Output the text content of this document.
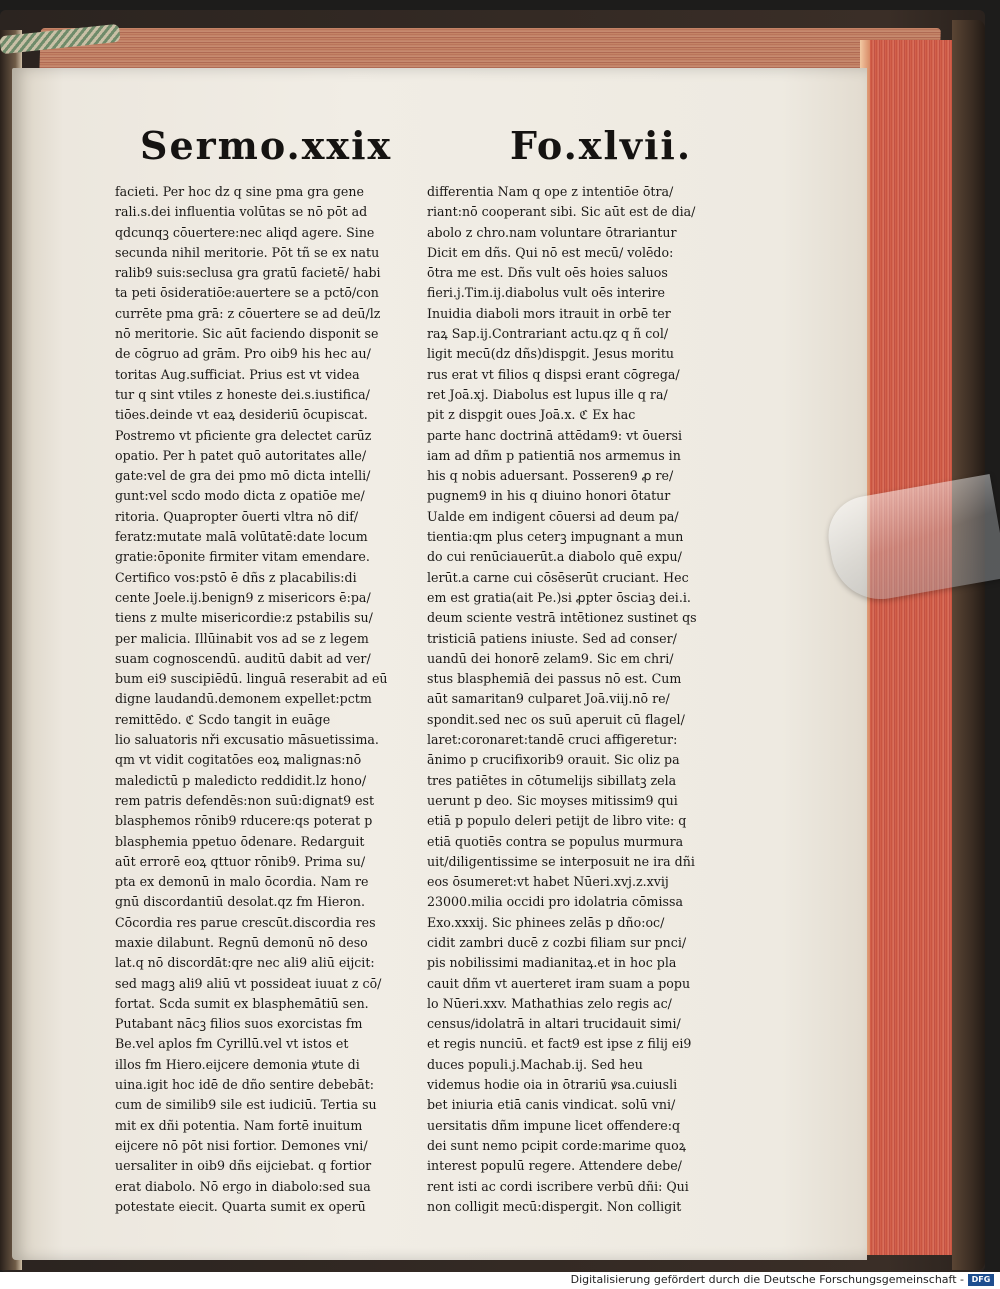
Sermo.xxix	Fo.xlvii.
facieti. Per hoc dz q sine pma gra gene
rali.s.dei influentia volūtas se nō pōt ad
qdcunqꝫ cōuertere:nec aliqd agere. Sine
secunda nihil meritorie. Pōt tñ se ex natu
ralib9 suis:seclusa gra gratū facietē/ habi
ta peti ōsideratiōe:auertere se a pctō/con
currēte pma grā: z cōuertere se ad deū/lz
nō meritorie. Sic aūt faciendo disponit se
de cōgruo ad grām. Pro oib9 his hec au/
toritas Aug.sufficiat. Prius est vt videa
tur q sint vtiles z honeste dei.s.iustifica/
tiōes.deinde vt eaꝝ desideriū ōcupiscat.
Postremo vt pficiente gra delectet carūz
opatio. Per h patet quō autoritates alle/
gate:vel de gra dei pmo mō dicta intelli/
gunt:vel scdo modo dicta z opatiōe me/
ritoria. Quapropter ōuerti vltra nō dif/
feratz:mutate malā volūtatē:date locum
gratie:ōponite firmiter vitam emendare.
Certifico vos:pstō ē dñs z placabilis:di
cente Joele.ij.benign9 z misericors ē:pa/
tiens z multe misericordie:z pstabilis su/
per malicia. Illūinabit vos ad se z legem
suam cognoscendū. auditū dabit ad ver/
bum ei9 suscipiēdū. linguā reserabit ad eū
digne laudandū.demonem expellet:pctm
remittēdo. ℭ Scdo tangit in euāge
lio saluatoris nři excusatio māsuetissima.
qm vt vidit cogitatōes eoꝝ malignas:nō
maledictū p maledicto reddidit.lz hono/
rem patris defendēs:non suū:dignat9 est
blasphemos rōnib9 rducere:qs poterat p
blasphemia ppetuo ōdenare. Redarguit
aūt errorē eoꝝ qttuor rōnib9. Prima su/
pta ex demonū in malo ōcordia. Nam re
gnū discordantiū desolat.qz fm Hieron.
Cōcordia res parue crescūt.discordia res
maxie dilabunt. Regnū demonū nō deso
lat.q nō discordāt:qre nec ali9 aliū eijcit:
sed magꝫ ali9 aliū vt possideat iuuat z cō/
fortat. Scda sumit ex blasphemātiū sen.
Putabant nācꝫ filios suos exorcistas fm
Be.vel aplos fm Cyrillū.vel vt istos et
illos fm Hiero.eijcere demonia ꝟtute di
uina.igit hoc idē de dño sentire debebāt:
cum de similib9 sile est iudiciū. Tertia su
mit ex dñi potentia. Nam fortē inuitum
eijcere nō pōt nisi fortior. Demones vni/
uersaliter in oib9 dñs eijciebat. q fortior
erat diabolo. Nō ergo in diabolo:sed sua
potestate eiecit. Quarta sumit ex operū
differentia Nam q ope z intentiōe ōtra/
riant:nō cooperant sibi. Sic aūt est de dia/
abolo z chro.nam voluntare ōtrariantur
Dicit em dñs. Qui nō est mecū/ volēdo:
ōtra me est. Dñs vult oēs hoies saluos
fieri.j.Tim.ij.diabolus vult oēs interire
Inuidia diaboli mors itrauit in orbē ter
raꝝ Sap.ij.Contrariant actu.qz q ñ col/
ligit mecū(dz dñs)dispgit. Jesus moritu
rus erat vt filios q dispsi erant cōgrega/
ret Joā.xj. Diabolus est lupus ille q ra/
pit z dispgit oues Joā.x. ℭ Ex hac
parte hanc doctrinā attēdam9: vt ōuersi
iam ad dñm p patientiā nos armemus in
his q nobis aduersant. Posseren9 ꝓ re/
pugnem9 in his q diuino honori ōtatur
Ualde em indigent cōuersi ad deum pa/
tientia:qm plus ceterꝫ impugnant a mun
do cui renūciauerūt.a diabolo quē expu/
lerūt.a carne cui cōsēserūt cruciant. Hec
em est gratia(ait Pe.)si ꝓpter ōsciaꝫ dei.i.
deum sciente vestrā intētionez sustinet qs
tristiciā patiens iniuste. Sed ad conser/
uandū dei honorē zelam9. Sic em chri/
stus blasphemiā dei passus nō est. Cum
aūt samaritan9 culparet Joā.viij.nō re/
spondit.sed nec os suū aperuit cū flagel/
laret:coronaret:tandē cruci affigeretur:
ānimo p crucifixorib9 orauit. Sic oliz pa
tres patiētes in cōtumelijs sibillatꝫ zela
uerunt p deo. Sic moyses mitissim9 qui
etiā p populo deleri petijt de libro vite: q
etiā quotiēs contra se populus murmura
uit/diligentissime se interposuit ne ira dñi
eos ōsumeret:vt habet Nūeri.xvj.z.xvij
23000.milia occidi pro idolatria cōmissa
Exo.xxxij. Sic phinees zelās p dño:oc/
cidit zambri ducē z cozbi filiam sur pnci/
pis nobilissimi madianitaꝝ.et in hoc pla
cauit dñm vt auerteret iram suam a popu
lo Nūeri.xxv. Mathathias zelo regis ac/
census/idolatrā in altari trucidauit simi/
et regis nunciū. et fact9 est ipse z filij ei9
duces populi.j.Machab.ij. Sed heu
videmus hodie oia in ōtrariū ꝟsa.cuiusli
bet iniuria etiā canis vindicat. solū vni/
uersitatis dñm impune licet offendere:q
dei sunt nemo pcipit corde:marime quoꝝ
interest populū regere. Attendere debe/
rent isti ac cordi iscribere verbū dñi: Qui
non colligit mecū:dispergit. Non colligit
Digitalisierung gefördert durch die Deutsche Forschungsgemeinschaft - DFG
